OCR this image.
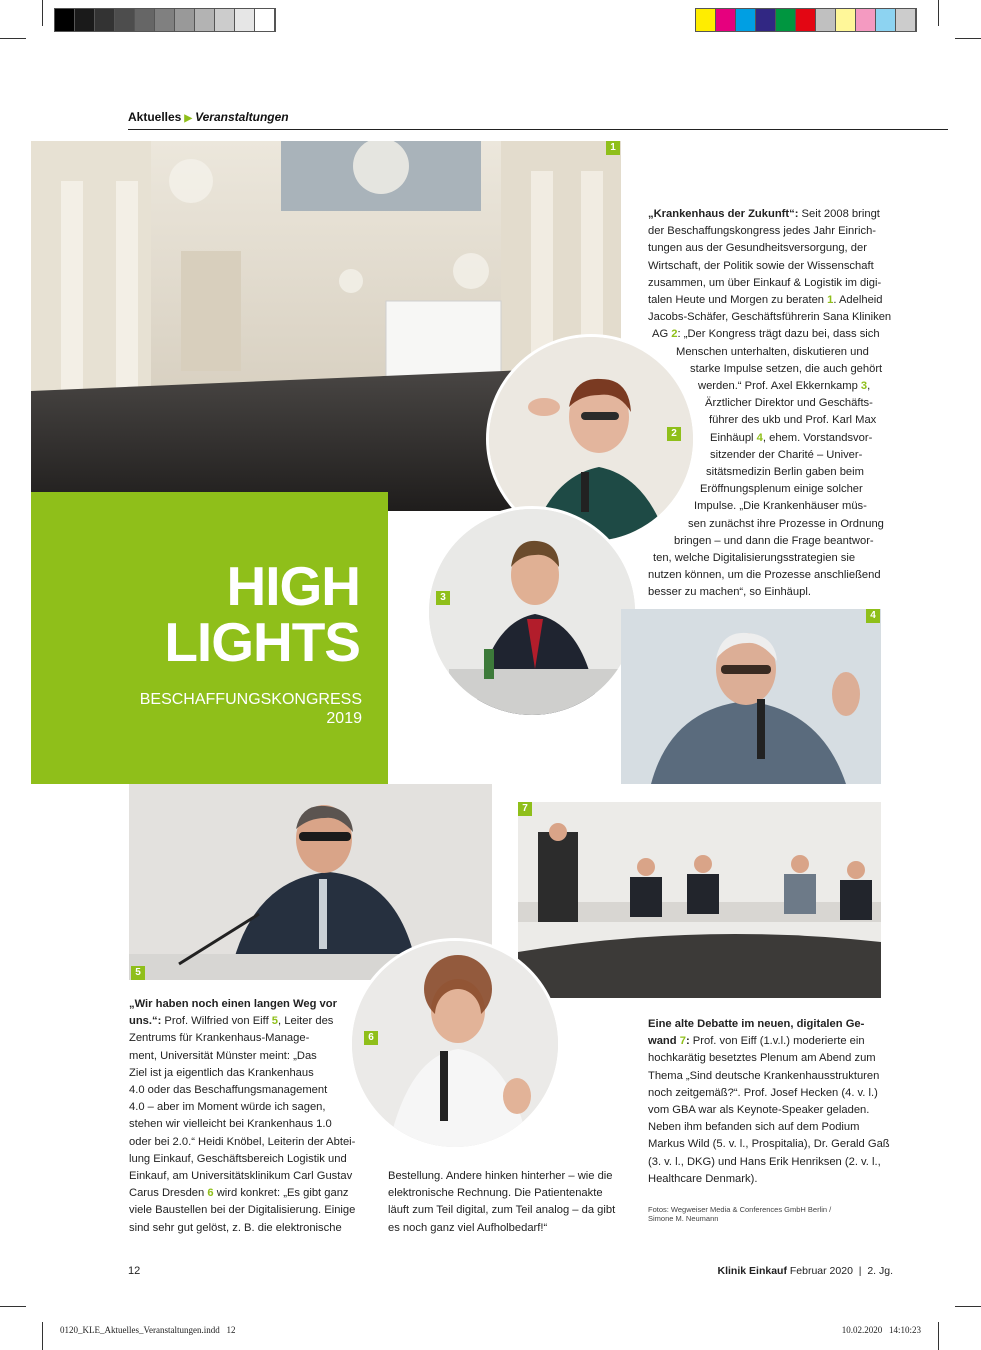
Aktuelles ▶ Veranstaltungen
1
2
HIGH
LIGHTS
BESCHAFFUNGSKONGRESS
2019
3
4
„Krankenhaus der Zukunft“: Seit 2008 bringt
der Beschaffungskongress jedes Jahr Einrich-
tungen aus der Gesundheitsversorgung, der
Wirtschaft, der Politik sowie der Wissenschaft
zusammen, um über Einkauf & Logistik im digi-
talen Heute und Morgen zu beraten 1. Adelheid
Jacobs-Schäfer, Geschäftsführerin Sana Kliniken
AG 2: „Der Kongress trägt dazu bei, dass sich
Menschen unterhalten, diskutieren und
starke Impulse setzen, die auch gehört
werden.“ Prof. Axel Ekkernkamp 3,
Ärztlicher Direktor und Geschäfts-
führer des ukb und Prof. Karl Max
Einhäupl 4, ehem. Vorstandsvor-
sitzender der Charité – Univer-
sitätsmedizin Berlin gaben beim
Eröffnungsplenum einige solcher
Impulse. „Die Krankenhäuser müs-
sen zunächst ihre Prozesse in Ordnung
bringen – und dann die Frage beantwor-
ten, welche Digitalisierungsstrategien sie
nutzen können, um die Prozesse anschließend
besser zu machen“, so Einhäupl.
5
7
6
„Wir haben noch einen langen Weg vor
uns.“: Prof. Wilfried von Eiff 5, Leiter des
Zentrums für Krankenhaus-Manage-
ment, Universität Münster meint: „Das
Ziel ist ja eigentlich das Krankenhaus
4.0 oder das Beschaffungsmanagement
4.0 – aber im Moment würde ich sagen,
stehen wir vielleicht bei Krankenhaus 1.0
oder bei 2.0.“ Heidi Knöbel, Leiterin der Abtei-
lung Einkauf, Geschäftsbereich Logistik und
Einkauf, am Universitätsklinikum Carl Gustav
Carus Dresden 6 wird konkret: „Es gibt ganz
viele Baustellen bei der Digitalisierung. Einige
sind sehr gut gelöst, z. B. die elektronische
Bestellung. Andere hinken hinterher – wie die
elektronische Rechnung. Die Patientenakte
läuft zum Teil digital, zum Teil analog – da gibt
es noch ganz viel Aufholbedarf!“
Eine alte Debatte im neuen, digitalen Ge-
wand 7: Prof. von Eiff (1.v.l.) moderierte ein
hochkarätig besetztes Plenum am Abend zum
Thema „Sind deutsche Krankenhausstrukturen
noch zeitgemäß?“. Prof. Josef Hecken (4. v. l.)
vom GBA war als Keynote-Speaker geladen.
Neben ihm befanden sich auf dem Podium
Markus Wild (5. v. l., Prospitalia), Dr. Gerald Gaß
(3. v. l., DKG) und Hans Erik Henriksen (2. v. l.,
Healthcare Denmark).
Fotos: Wegweiser Media & Conferences GmbH Berlin /
Simone M. Neumann
12	Klinik Einkauf Februar 2020  |  2. Jg.
0120_KLE_Aktuelles_Veranstaltungen.indd   12	10.02.2020   14:10:23
